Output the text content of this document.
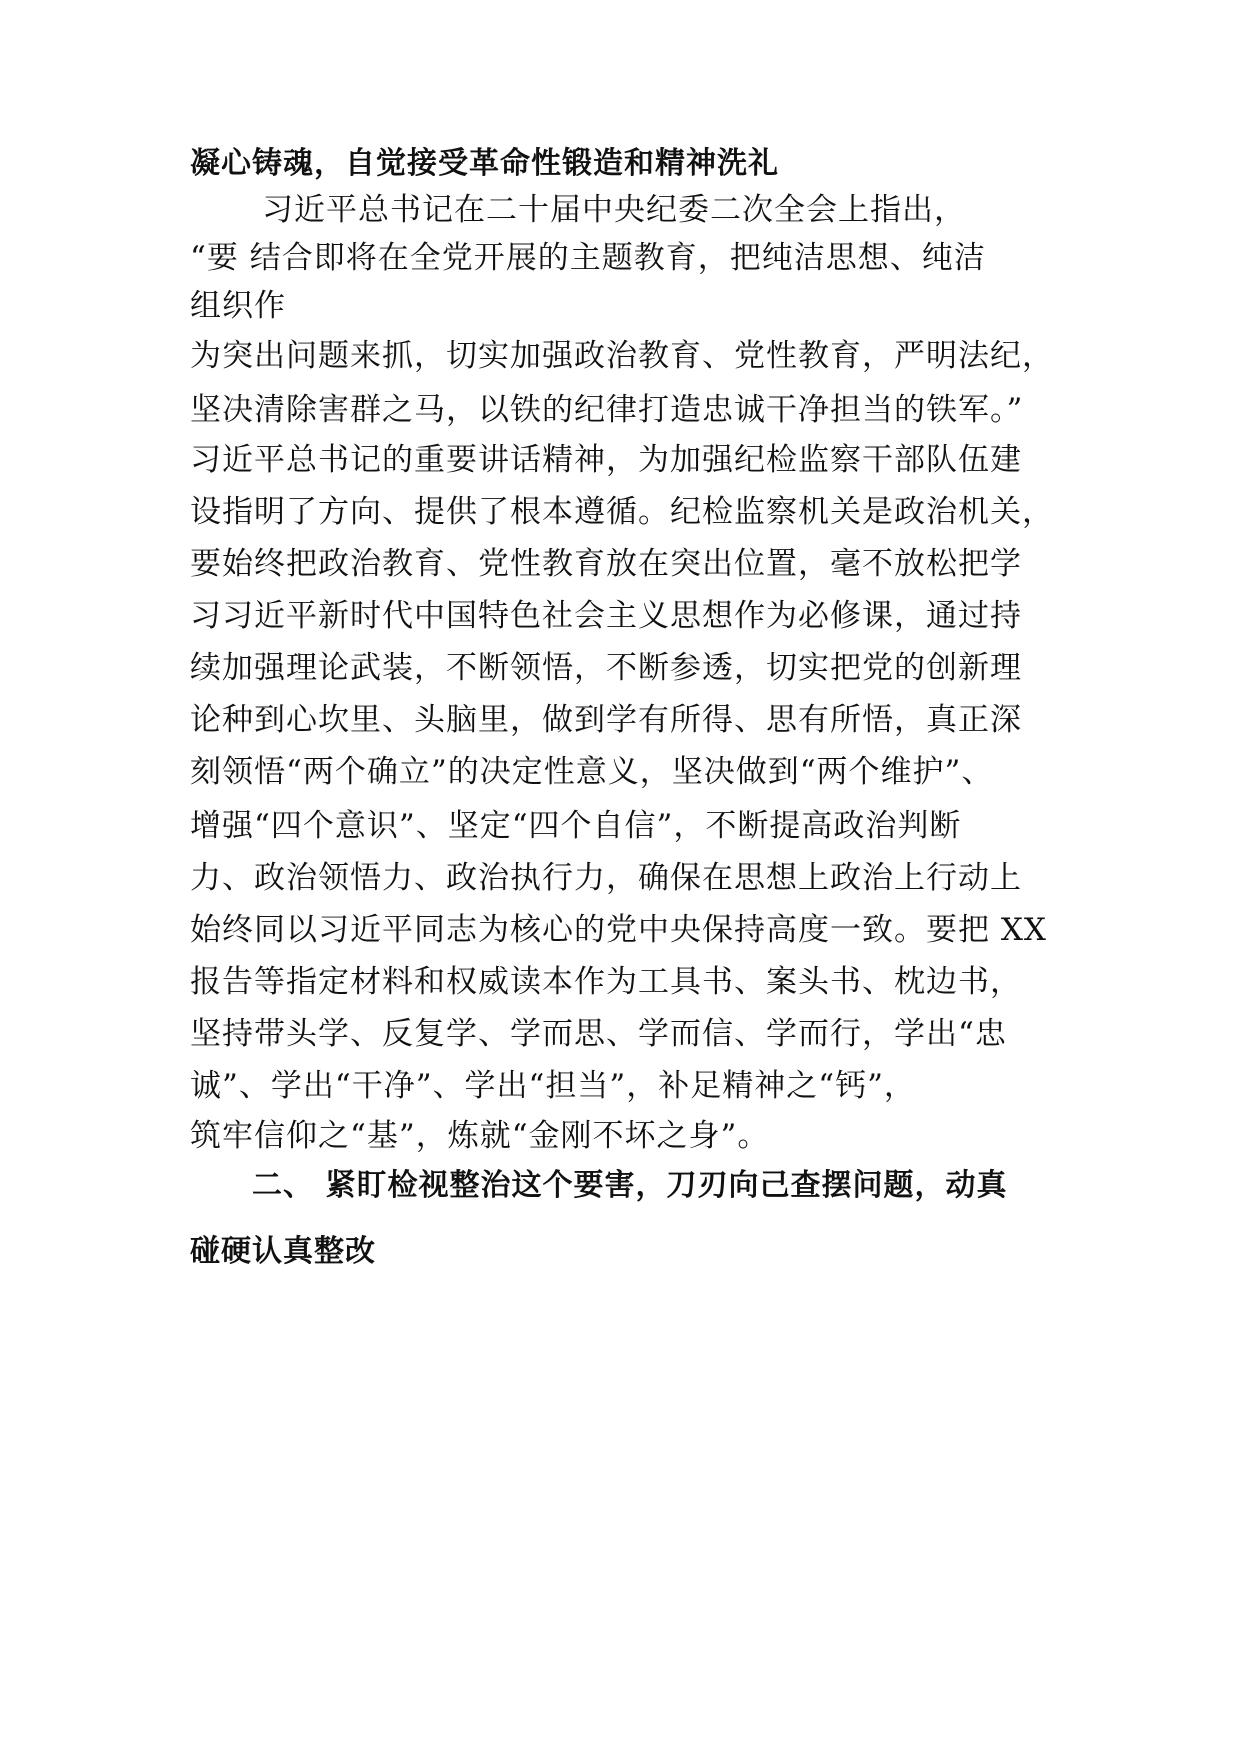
凝心铸魂，自觉接受革命性锻造和精神洗礼
习近平总书记在二十届中央纪委二次全会上指出，
“要 结合即将在全党开展的主题教育，把纯洁思想、纯洁
组织作
为突出问题来抓，切实加强政治教育、党性教育，严明法纪，
坚决清除害群之马，以铁的纪律打造忠诚干净担当的铁军。”
习近平总书记的重要讲话精神，为加强纪检监察干部队伍建
设指明了方向、提供了根本遵循。纪检监察机关是政治机关，
要始终把政治教育、党性教育放在突出位置，毫不放松把学
习习近平新时代中国特色社会主义思想作为必修课，通过持
续加强理论武装，不断领悟，不断参透，切实把党的创新理
论种到心坎里、头脑里，做到学有所得、思有所悟，真正深
刻领悟“两个确立”的决定性意义，坚决做到“两个维护”、
增强“四个意识”、坚定“四个自信”，不断提高政治判断
力、政治领悟力、政治执行力，确保在思想上政治上行动上
始终同以习近平同志为核心的党中央保持高度一致。要把 XX
报告等指定材料和权威读本作为工具书、案头书、枕边书，
坚持带头学、反复学、学而思、学而信、学而行，学出“忠
诚”、学出“干净”、学出“担当”，补足精神之“钙”，
筑牢信仰之“基”，炼就“金刚不坏之身”。
二、 紧盯检视整治这个要害，刀刃向己查摆问题，动真
碰硬认真整改
